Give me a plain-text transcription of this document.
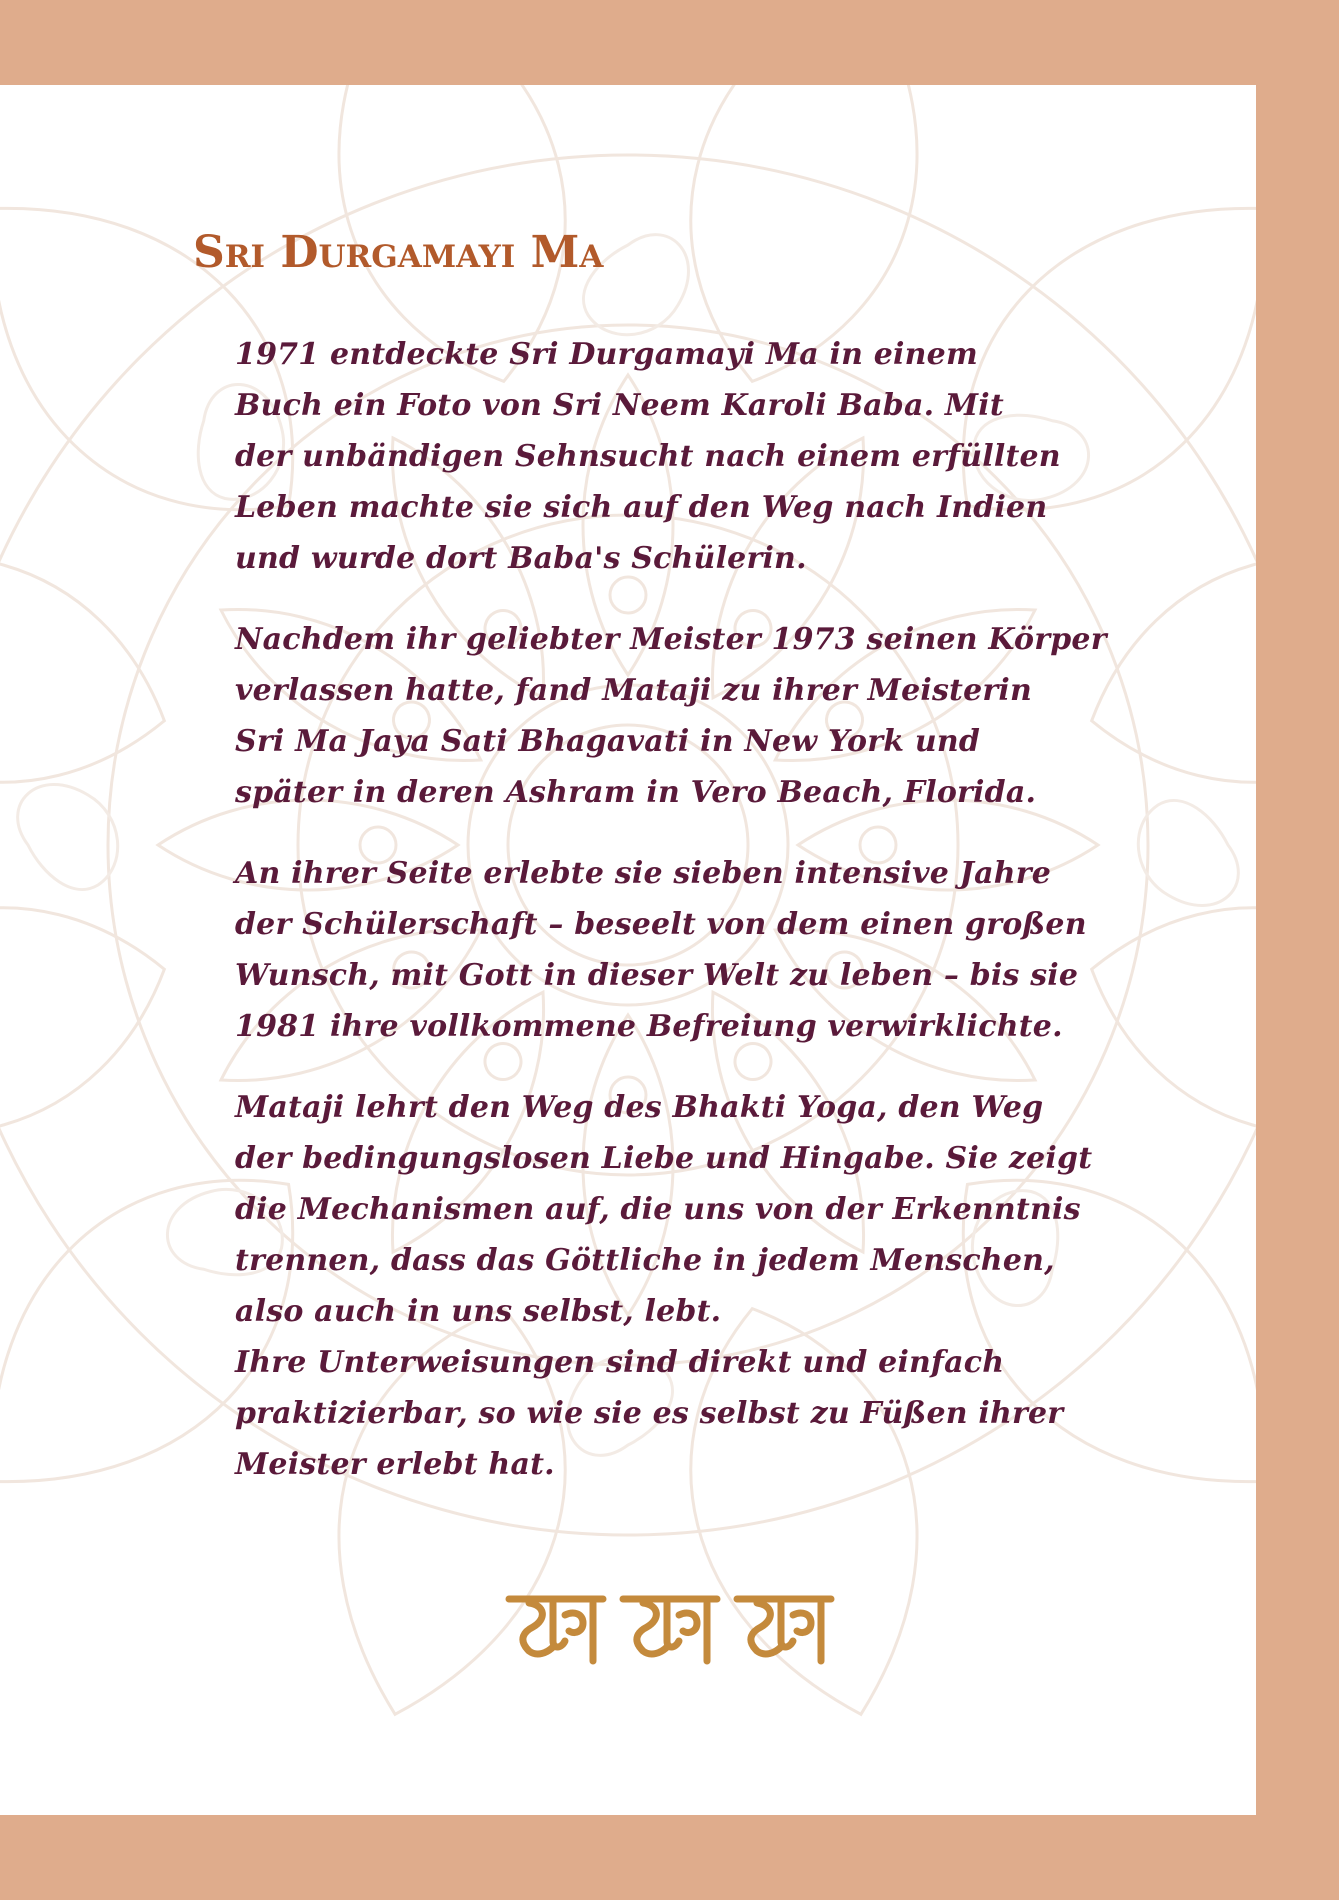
Sri Durgamayi Ma

1971 entdeckte Sri Durgamayi Ma in einem
Buch ein Foto von Sri Neem Karoli Baba. Mit
der unbändigen Sehnsucht nach einem erfüllten
Leben machte sie sich auf den Weg nach Indien
und wurde dort Baba's Schülerin.

Nachdem ihr geliebter Meister 1973 seinen Körper
verlassen hatte, fand Mataji zu ihrer Meisterin
Sri Ma Jaya Sati Bhagavati in New York und
später in deren Ashram in Vero Beach, Florida.

An ihrer Seite erlebte sie sieben intensive Jahre
der Schülerschaft – beseelt von dem einen großen
Wunsch, mit Gott in dieser Welt zu leben – bis sie
1981 ihre vollkommene Befreiung verwirklichte.

Mataji lehrt den Weg des Bhakti Yoga, den Weg
der bedingungslosen Liebe und Hingabe. Sie zeigt
die Mechanismen auf, die uns von der Erkenntnis
trennen, dass das Göttliche in jedem Menschen,
also auch in uns selbst, lebt.
Ihre Unterweisungen sind direkt und einfach
praktizierbar, so wie sie es selbst zu Füßen ihrer
Meister erlebt hat.
